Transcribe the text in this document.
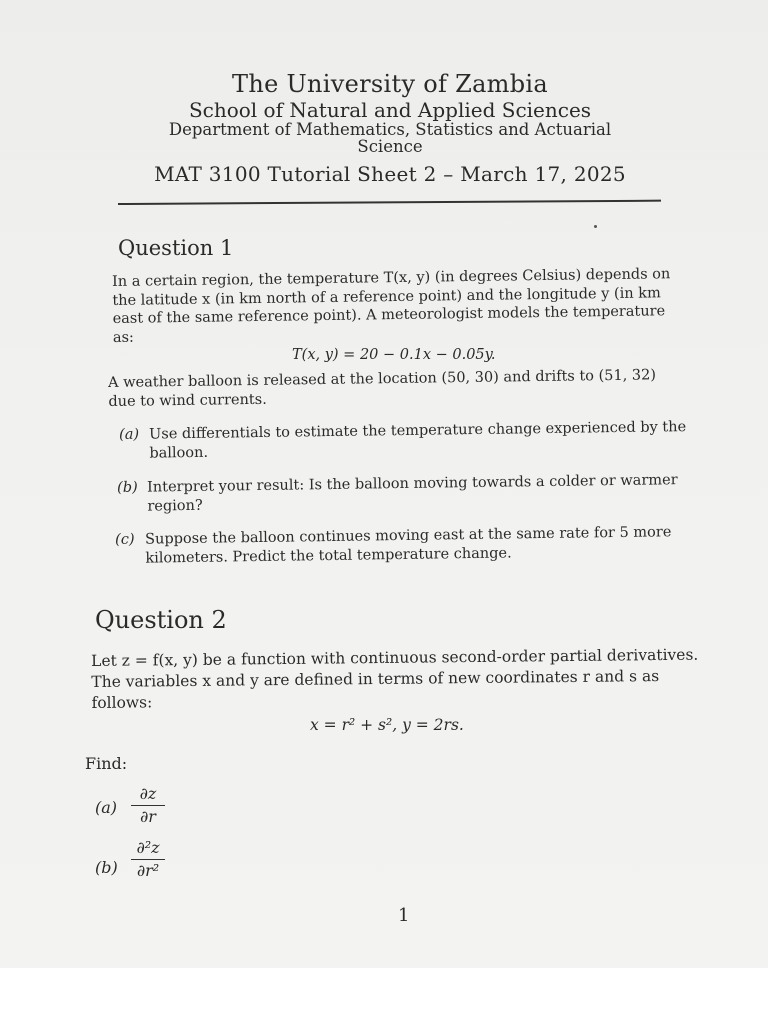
The University of Zambia
School of Natural and Applied Sciences
Department of Mathematics, Statistics and Actuarial
Science
MAT 3100 Tutorial Sheet 2 – March 17, 2025
Question 1
In a certain region, the temperature T(x, y) (in degrees Celsius) depends on the latitude x (in km north of a reference point) and the longitude y (in km east of the same reference point). A meteorologist models the temperature as:
T(x, y) = 20 − 0.1x − 0.05y.
A weather balloon is released at the location (50, 30) and drifts to (51, 32) due to wind currents.
(a) Use differentials to estimate the temperature change experienced by the balloon.
(b) Interpret your result: Is the balloon moving towards a colder or warmer region?
(c) Suppose the balloon continues moving east at the same rate for 5 more kilometers. Predict the total temperature change.
Question 2
Let z = f(x, y) be a function with continuous second-order partial derivatives. The variables x and y are defined in terms of new coordinates r and s as follows:
x = r² + s², y = 2rs.
Find:
(a)
∂z
∂r
(b)
∂²z
∂r²
1
